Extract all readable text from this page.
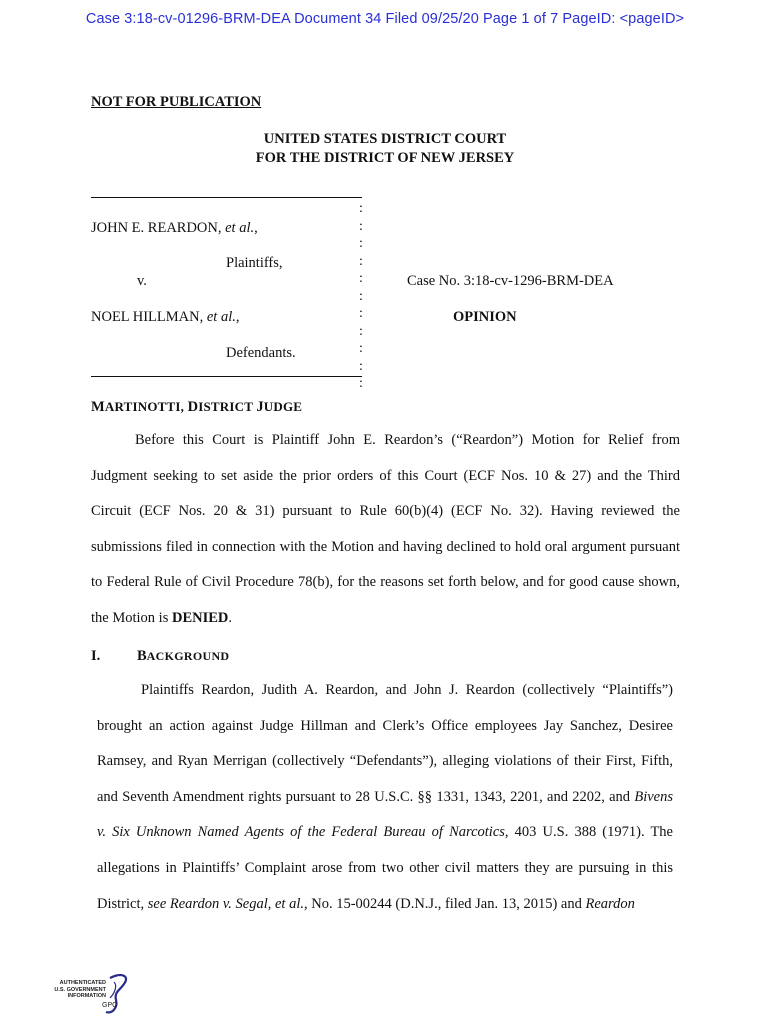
Case 3:18-cv-01296-BRM-DEA Document 34 Filed 09/25/20 Page 1 of 7 PageID: <pageID>
NOT FOR PUBLICATION
UNITED STATES DISTRICT COURT
FOR THE DISTRICT OF NEW JERSEY
:
:
:
:
:
:
:
:
:
:
:
JOHN E. REARDON, et al.,
Plaintiffs,
v.
NOEL HILLMAN, et al.,
Defendants.
Case No. 3:18-cv-1296-BRM-DEA
OPINION
MARTINOTTI, DISTRICT JUDGE
Before this Court is Plaintiff John E. Reardon’s (“Reardon”) Motion for Relief from Judgment seeking to set aside the prior orders of this Court (ECF Nos. 10 & 27) and the Third Circuit (ECF Nos. 20 & 31) pursuant to Rule 60(b)(4) (ECF No. 32). Having reviewed the submissions filed in connection with the Motion and having declined to hold oral argument pursuant to Federal Rule of Civil Procedure 78(b), for the reasons set forth below, and for good cause shown, the Motion is DENIED.
I.	BACKGROUND
Plaintiffs Reardon, Judith A. Reardon, and John J. Reardon (collectively “Plaintiffs”) brought an action against Judge Hillman and Clerk’s Office employees Jay Sanchez, Desiree Ramsey, and Ryan Merrigan (collectively “Defendants”), alleging violations of their First, Fifth, and Seventh Amendment rights pursuant to 28 U.S.C. §§ 1331, 1343, 2201, and 2202, and Bivens v. Six Unknown Named Agents of the Federal Bureau of Narcotics, 403 U.S. 388 (1971). The allegations in Plaintiffs’ Complaint arose from two other civil matters they are pursuing in this District, see Reardon v. Segal, et al., No. 15-00244 (D.N.J., filed Jan. 13, 2015) and Reardon
AUTHENTICATED
U.S. GOVERNMENT
INFORMATION
GPO
